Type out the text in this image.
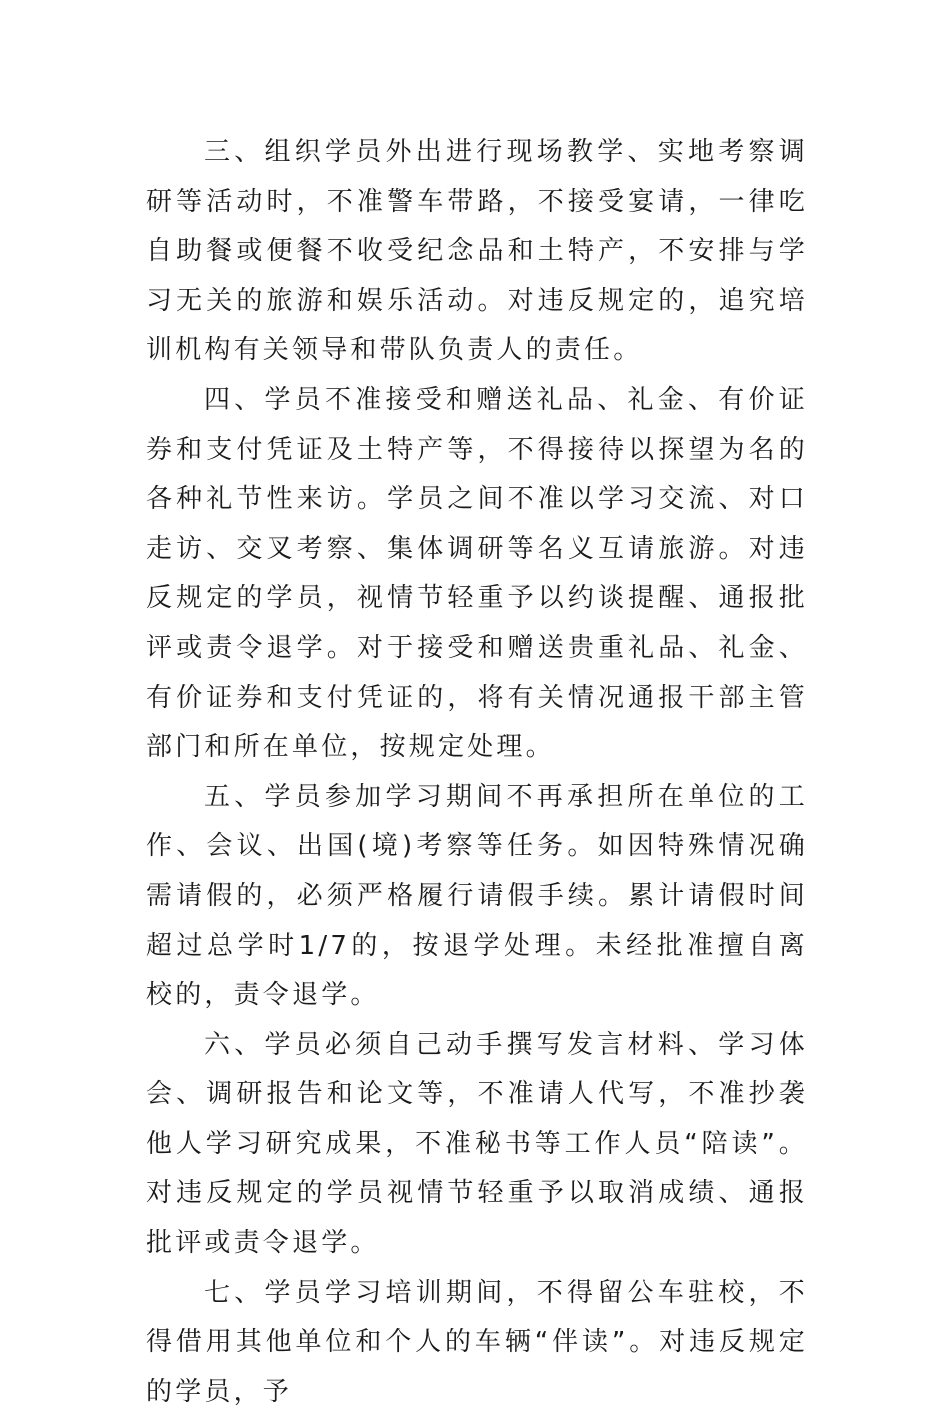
三、组织学员外出进行现场教学、实地考察调研等活动时，不准警车带路，不接受宴请，一律吃自助餐或便餐不收受纪念品和土特产，不安排与学习无关的旅游和娱乐活动。对违反规定的，追究培训机构有关领导和带队负责人的责任。

四、学员不准接受和赠送礼品、礼金、有价证券和支付凭证及土特产等，不得接待以探望为名的各种礼节性来访。学员之间不准以学习交流、对口走访、交叉考察、集体调研等名义互请旅游。对违反规定的学员，视情节轻重予以约谈提醒、通报批评或责令退学。对于接受和赠送贵重礼品、礼金、有价证券和支付凭证的，将有关情况通报干部主管部门和所在单位，按规定处理。

五、学员参加学习期间不再承担所在单位的工作、会议、出国(境)考察等任务。如因特殊情况确需请假的，必须严格履行请假手续。累计请假时间超过总学时1/7的，按退学处理。未经批准擅自离校的，责令退学。

六、学员必须自己动手撰写发言材料、学习体会、调研报告和论文等，不准请人代写，不准抄袭他人学习研究成果，不准秘书等工作人员“陪读”。对违反规定的学员视情节轻重予以取消成绩、通报批评或责令退学。

七、学员学习培训期间，不得留公车驻校，不得借用其他单位和个人的车辆“伴读”。对违反规定的学员，予
